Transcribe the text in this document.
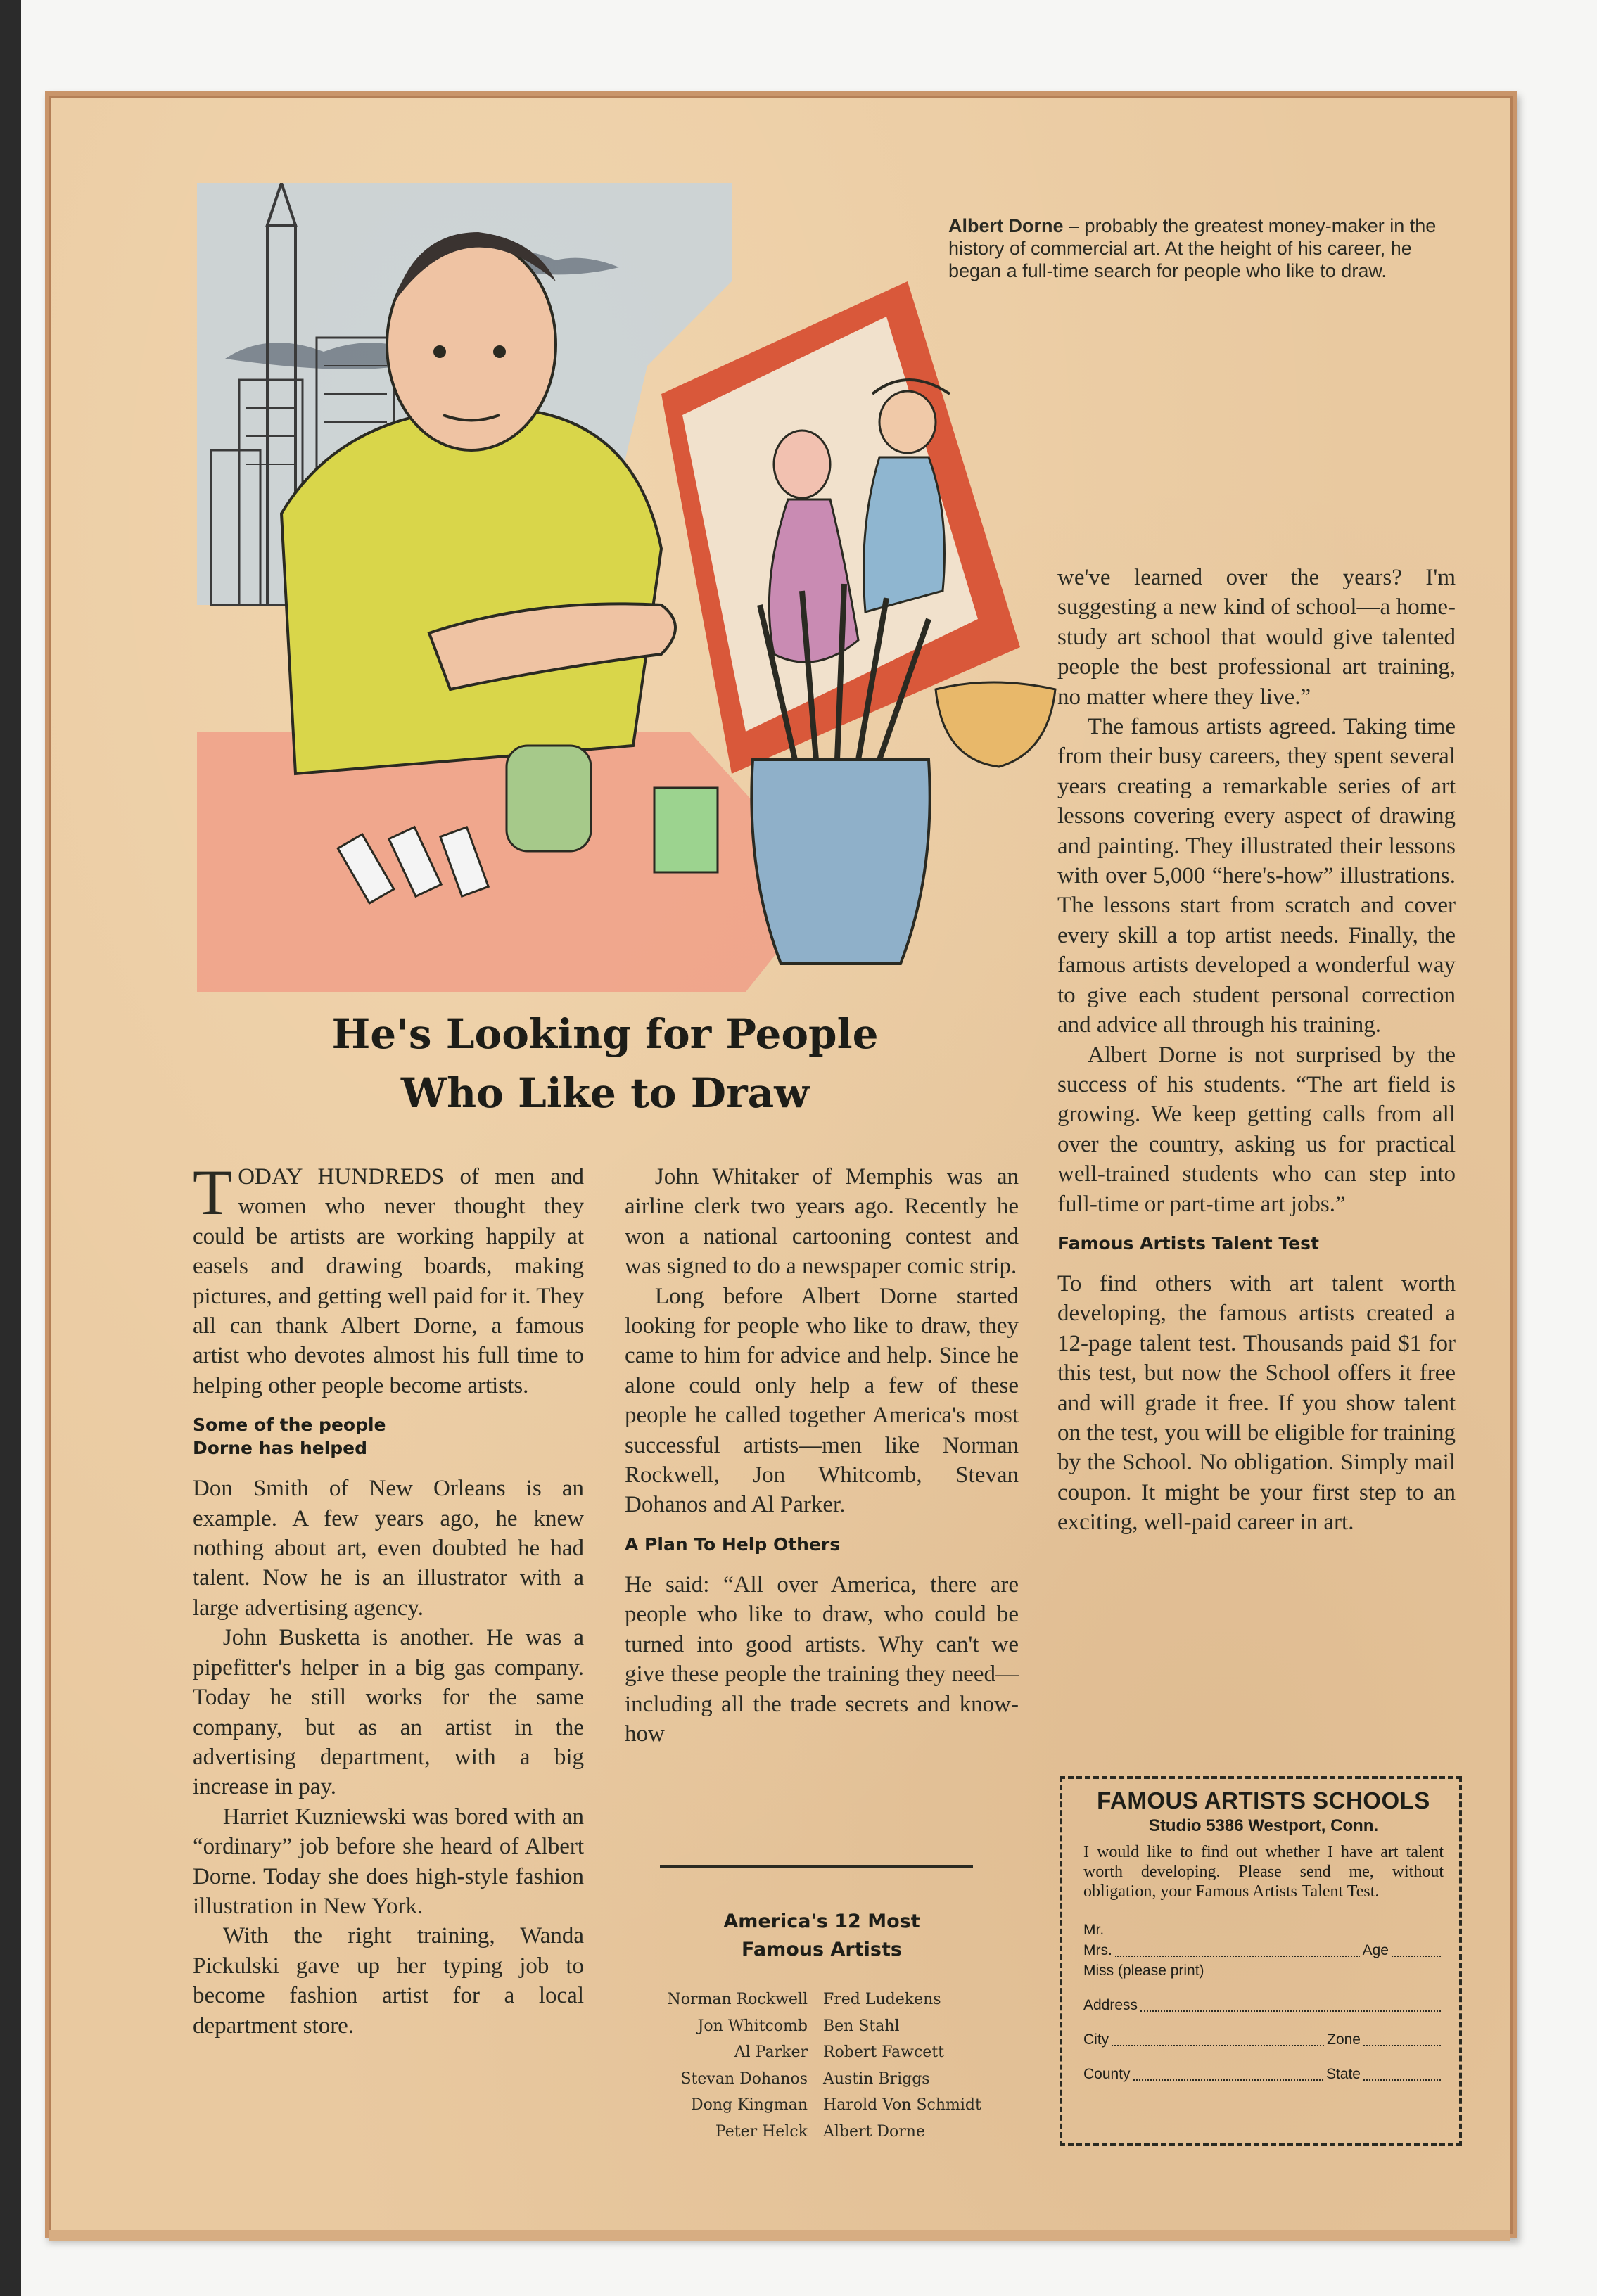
Albert Dorne – probably the greatest money-maker in the history of commercial art. At the height of his career, he began a full-time search for people who like to draw.
He's Looking for People
Who Like to Draw

TODAY HUNDREDS of men and women who never thought they could be artists are working happily at easels and drawing boards, making pictures, and getting well paid for it. They all can thank Albert Dorne, a famous artist who devotes almost his full time to helping other people become artists.

Some of the people
Dorne has helped

Don Smith of New Orleans is an example. A few years ago, he knew nothing about art, even doubted he had talent. Now he is an illustrator with a large advertising agency.

John Busketta is another. He was a pipefitter's helper in a big gas company. Today he still works for the same company, but as an artist in the advertising department, with a big increase in pay.

Harriet Kuzniewski was bored with an “ordinary” job before she heard of Albert Dorne. Today she does high-style fashion illustration in New York.

With the right training, Wanda Pickulski gave up her typing job to become fashion artist for a local department store.

John Whitaker of Memphis was an airline clerk two years ago. Recently he won a national cartooning contest and was signed to do a newspaper comic strip.

Long before Albert Dorne started looking for people who like to draw, they came to him for advice and help. Since he alone could only help a few of these people he called together America's most successful artists—men like Norman Rockwell, Jon Whitcomb, Stevan Dohanos and Al Parker.

A Plan To Help Others

He said: “All over America, there are people who like to draw, who could be turned into good artists. Why can't we give these people the training they need—including all the trade secrets and know-how

America's 12 Most
Famous Artists
Norman Rockwell	Fred Ludekens
Jon Whitcomb	Ben Stahl
Al Parker	Robert Fawcett
Stevan Dohanos	Austin Briggs
Dong Kingman	Harold Von Schmidt
Peter Helck	Albert Dorne

we've learned over the years? I'm suggesting a new kind of school—a home-study art school that would give talented people the best professional art training, no matter where they live.”

The famous artists agreed. Taking time from their busy careers, they spent several years creating a remarkable series of art lessons covering every aspect of drawing and painting. They illustrated their lessons with over 5,000 “here's-how” illustrations. The lessons start from scratch and cover every skill a top artist needs. Finally, the famous artists developed a wonderful way to give each student personal correction and advice all through his training.

Albert Dorne is not surprised by the success of his students. “The art field is growing. We keep getting calls from all over the country, asking us for practical well-trained students who can step into full-time or part-time art jobs.”

Famous Artists Talent Test

To find others with art talent worth developing, the famous artists created a 12-page talent test. Thousands paid $1 for this test, but now the School offers it free and will grade it free. If you show talent on the test, you will be eligible for training by the School. No obligation. Simply mail coupon. It might be your first step to an exciting, well-paid career in art.

FAMOUS ARTISTS SCHOOLS
Studio 5386 Westport, Conn.
I would like to find out whether I have art talent worth developing. Please send me, without obligation, your Famous Artists Talent Test.
Mr.
Mrs.	Age
Miss (please print)
Address
City	Zone
County	State
